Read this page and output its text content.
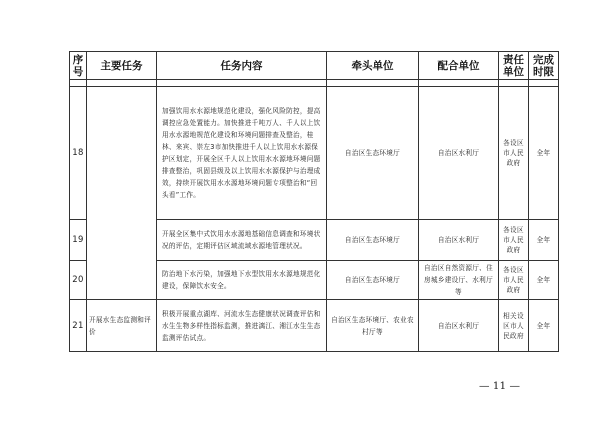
序号	主要任务	任务内容	牵头单位	配合单位	责任单位	完成时限

18		加强饮用水水源地规范化建设，强化风险防控，提高调控应急处置能力。加快推进千吨万人、千人以上饮用水水源地规范化建设和环境问题排查及整治，桂林、来宾、崇左3市加快推进千人以上饮用水水源保护区划定，开展全区千人以上饮用水水源地环境问题排查整治，巩固县级及以上饮用水水源保护与治理成效，持续开展饮用水水源地环境问题专项整治和“回头看”工作。	自治区生态环境厅	自治区水利厅	各设区市人民政府	全年
19		开展全区集中式饮用水水源地基础信息调查和环境状况的评估，定期评估区域流域水源地管理状况。	自治区生态环境厅	自治区水利厅	各设区市人民政府	全年
20		防治地下水污染，加强地下水型饮用水水源地规范化建设，保障饮水安全。	自治区生态环境厅	自治区自然资源厅、住房城乡建设厅、水利厅等	各设区市人民政府	全年
21	开展水生态监测和评价	积极开展重点湖库、河流水生态健康状况调查评估和水生生物多样性指标监测，推进漓江、湘江水生生态监测评估试点。	自治区生态环境厅、农业农村厅等	自治区水利厅	相关设区市人民政府	全年
— 11 —
